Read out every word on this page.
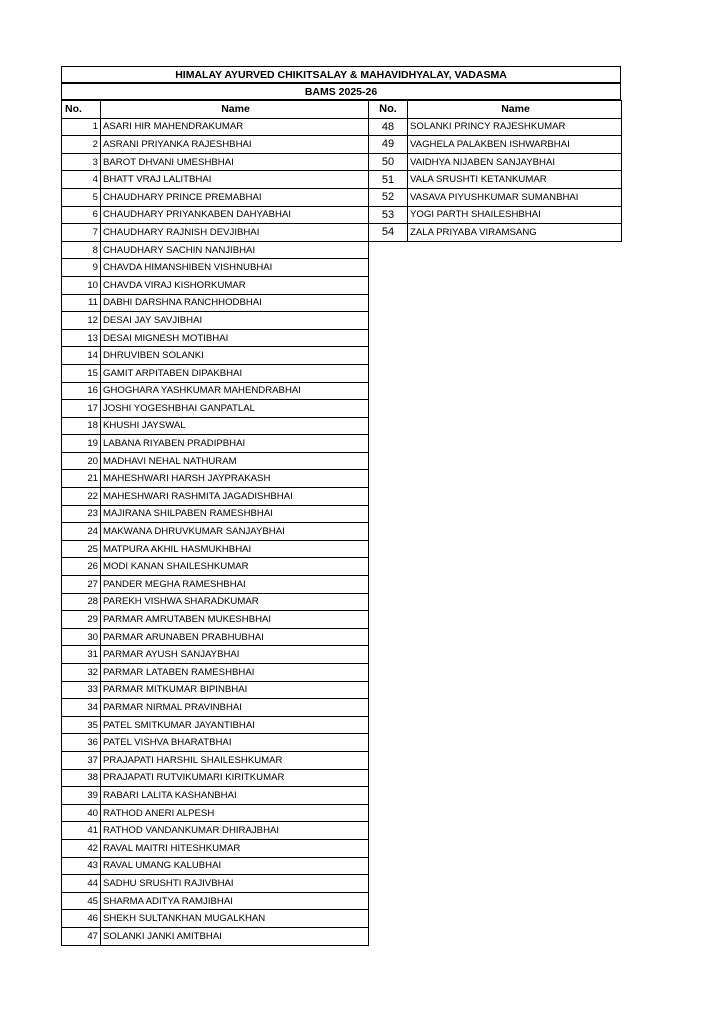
HIMALAY AYURVED CHIKITSALAY & MAHAVIDHYALAY, VADASMA
BAMS 2025-26
No.	Name
1	ASARI HIR MAHENDRAKUMAR
2	ASRANI PRIYANKA RAJESHBHAI
3	BAROT DHVANI UMESHBHAI
4	BHATT VRAJ LALITBHAI
5	CHAUDHARY PRINCE PREMABHAI
6	CHAUDHARY PRIYANKABEN DAHYABHAI
7	CHAUDHARY RAJNISH DEVJIBHAI
8	CHAUDHARY SACHIN NANJIBHAI
9	CHAVDA HIMANSHIBEN VISHNUBHAI
10	CHAVDA VIRAJ KISHORKUMAR
11	DABHI DARSHNA RANCHHODBHAI
12	DESAI JAY SAVJIBHAI
13	DESAI MIGNESH MOTIBHAI
14	DHRUVIBEN SOLANKI
15	GAMIT ARPITABEN DIPAKBHAI
16	GHOGHARA YASHKUMAR MAHENDRABHAI
17	JOSHI YOGESHBHAI GANPATLAL
18	KHUSHI JAYSWAL
19	LABANA RIYABEN PRADIPBHAI
20	MADHAVI NEHAL NATHURAM
21	MAHESHWARI HARSH JAYPRAKASH
22	MAHESHWARI RASHMITA JAGADISHBHAI
23	MAJIRANA SHILPABEN RAMESHBHAI
24	MAKWANA DHRUVKUMAR SANJAYBHAI
25	MATPURA AKHIL HASMUKHBHAI
26	MODI KANAN SHAILESHKUMAR
27	PANDER MEGHA RAMESHBHAI
28	PAREKH VISHWA SHARADKUMAR
29	PARMAR AMRUTABEN MUKESHBHAI
30	PARMAR ARUNABEN PRABHUBHAI
31	PARMAR AYUSH SANJAYBHAI
32	PARMAR LATABEN RAMESHBHAI
33	PARMAR MITKUMAR BIPINBHAI
34	PARMAR NIRMAL PRAVINBHAI
35	PATEL SMITKUMAR JAYANTIBHAI
36	PATEL VISHVA BHARATBHAI
37	PRAJAPATI HARSHIL SHAILESHKUMAR
38	PRAJAPATI RUTVIKUMARI KIRITKUMAR
39	RABARI LALITA KASHANBHAI
40	RATHOD ANERI ALPESH
41	RATHOD VANDANKUMAR DHIRAJBHAI
42	RAVAL MAITRI HITESHKUMAR
43	RAVAL UMANG KALUBHAI
44	SADHU SRUSHTI RAJIVBHAI
45	SHARMA ADITYA RAMJIBHAI
46	SHEKH SULTANKHAN MUGALKHAN
47	SOLANKI JANKI AMITBHAI
No.	Name
48	SOLANKI PRINCY RAJESHKUMAR
49	VAGHELA PALAKBEN ISHWARBHAI
50	VAIDHYA NIJABEN SANJAYBHAI
51	VALA SRUSHTI KETANKUMAR
52	VASAVA PIYUSHKUMAR SUMANBHAI
53	YOGI PARTH SHAILESHBHAI
54	ZALA PRIYABA VIRAMSANG
